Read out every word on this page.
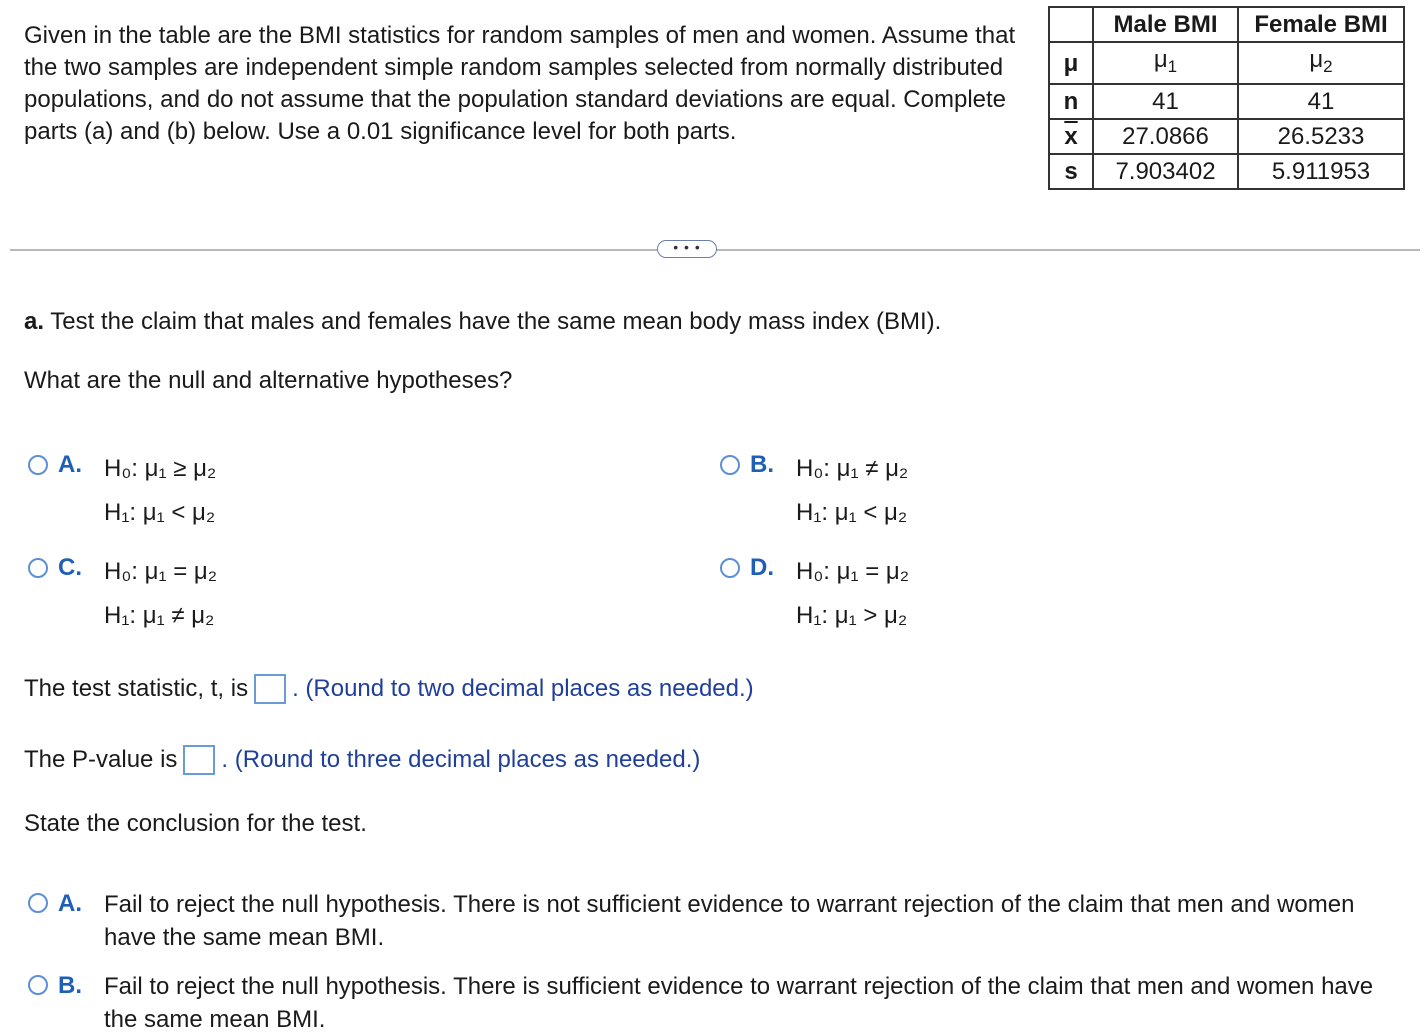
Given in the table are the BMI statistics for random samples of men and women. Assume that the two samples are independent simple random samples selected from normally distributed populations, and do not assume that the population standard deviations are equal. Complete parts (a) and (b) below. Use a 0.01 significance level for both parts.

	Male BMI	Female BMI
μ	$\mu_1$	$\mu_2$
n	41	41
$\overline{x}$	27.0866	26.5233
s	7.903402	5.911953
• • •

a. Test the claim that males and females have the same mean body mass index (BMI).

What are the null and alternative hypotheses?

A. H₀: μ₁ ≥ μ₂
H₁: μ₁ < μ₂
B. H₀: μ₁ ≠ μ₂
H₁: μ₁ < μ₂
C. H₀: μ₁ = μ₂
H₁: μ₁ ≠ μ₂
D. H₀: μ₁ = μ₂
H₁: μ₁ > μ₂
The test statistic, t, is . (Round to two decimal places as needed.)
The P-value is . (Round to three decimal places as needed.)

State the conclusion for the test.

A. Fail to reject the null hypothesis. There is not sufficient evidence to warrant rejection of the claim that men and women have the same mean BMI.
B. Fail to reject the null hypothesis. There is sufficient evidence to warrant rejection of the claim that men and women have the same mean BMI.
